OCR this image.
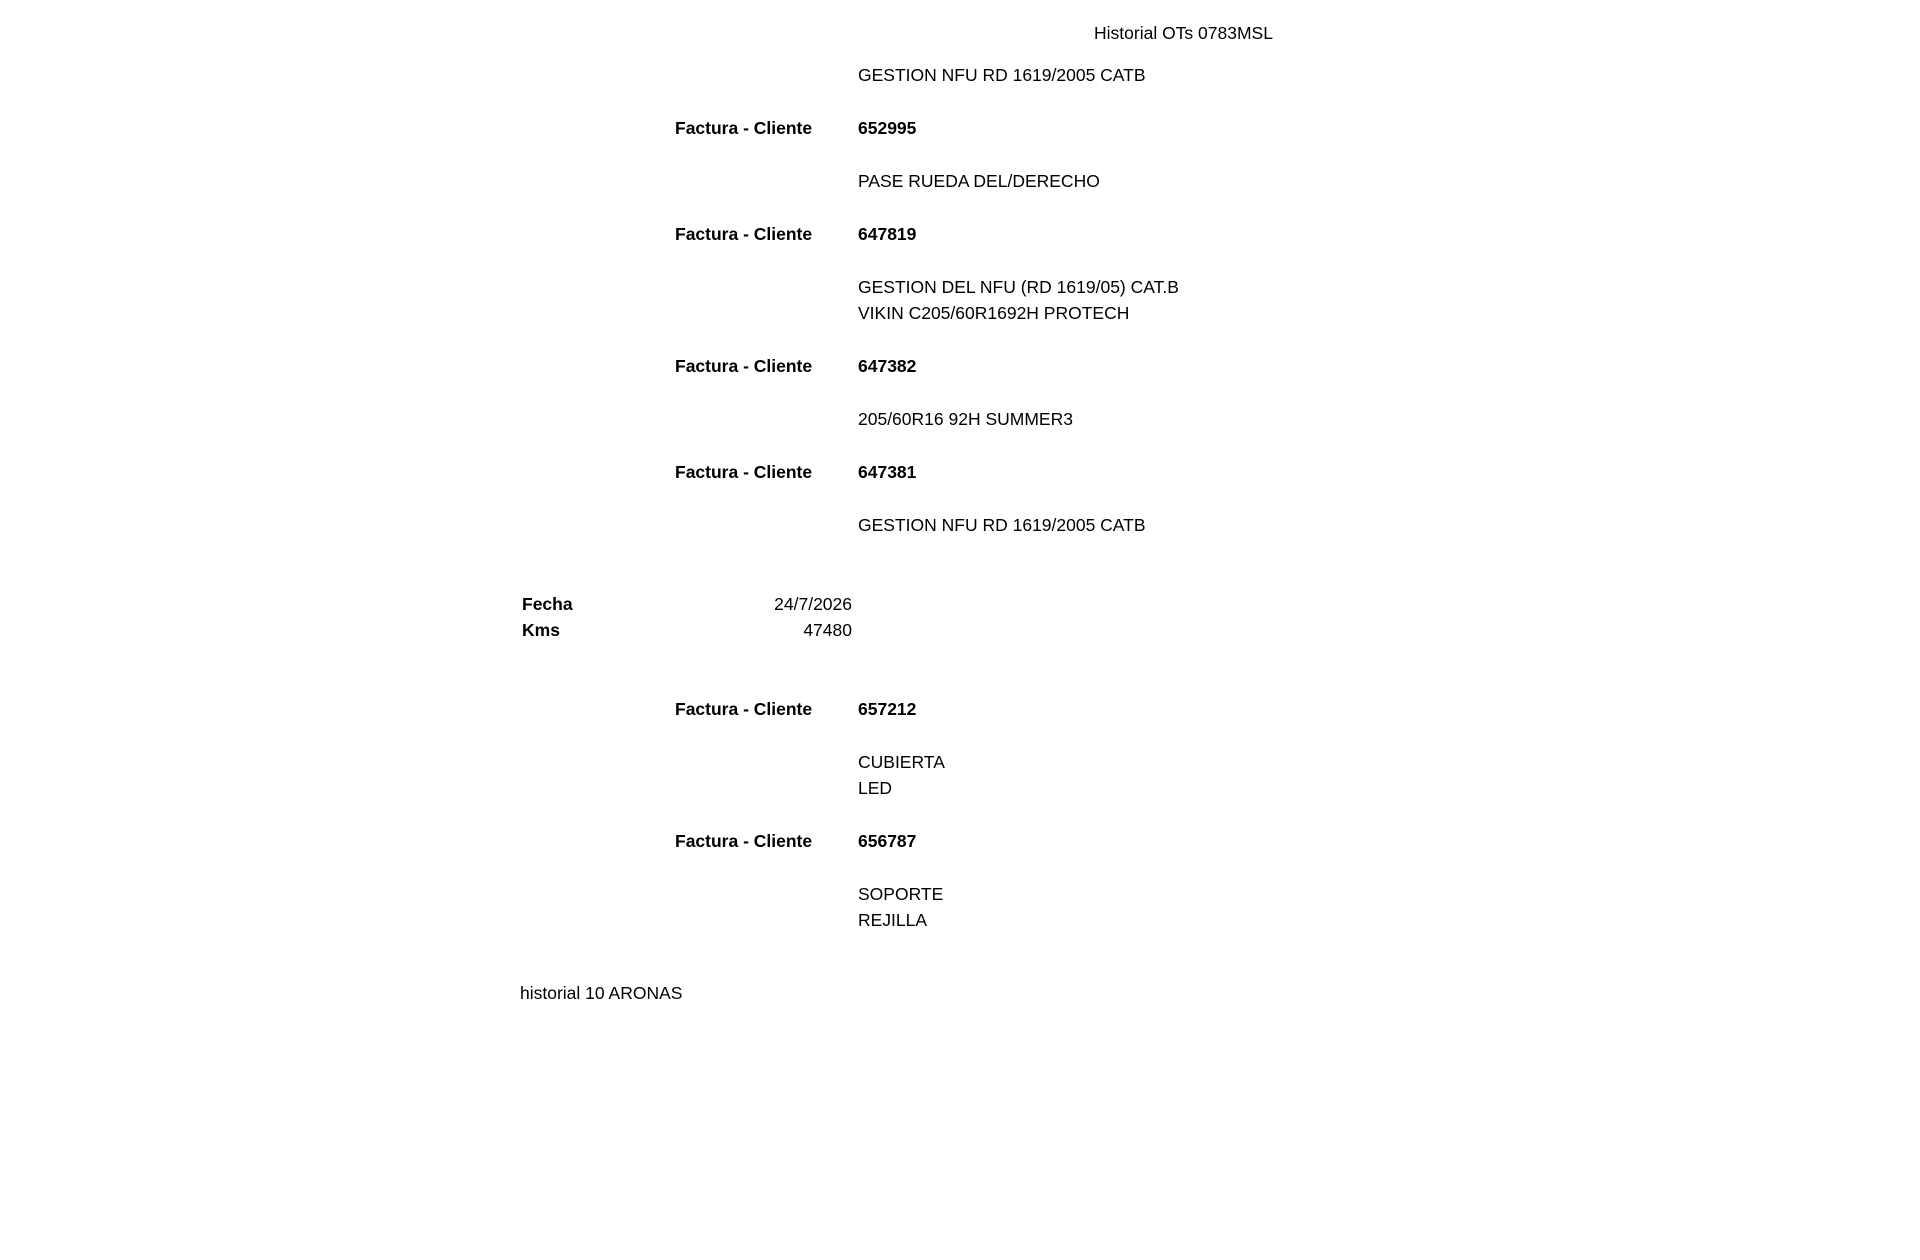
Historial OTs 0783MSL
GESTION NFU RD 1619/2005 CATB
Factura - Cliente	652995
PASE RUEDA DEL/DERECHO
Factura - Cliente	647819
GESTION DEL NFU (RD 1619/05) CAT.B
VIKIN C205/60R1692H PROTECH
Factura - Cliente	647382
205/60R16 92H SUMMER3
Factura - Cliente	647381
GESTION NFU RD 1619/2005 CATB
Fecha	24/7/2026
Kms	47480
Factura - Cliente	657212
CUBIERTA
LED
Factura - Cliente	656787
SOPORTE
REJILLA
historial 10 ARONAS
